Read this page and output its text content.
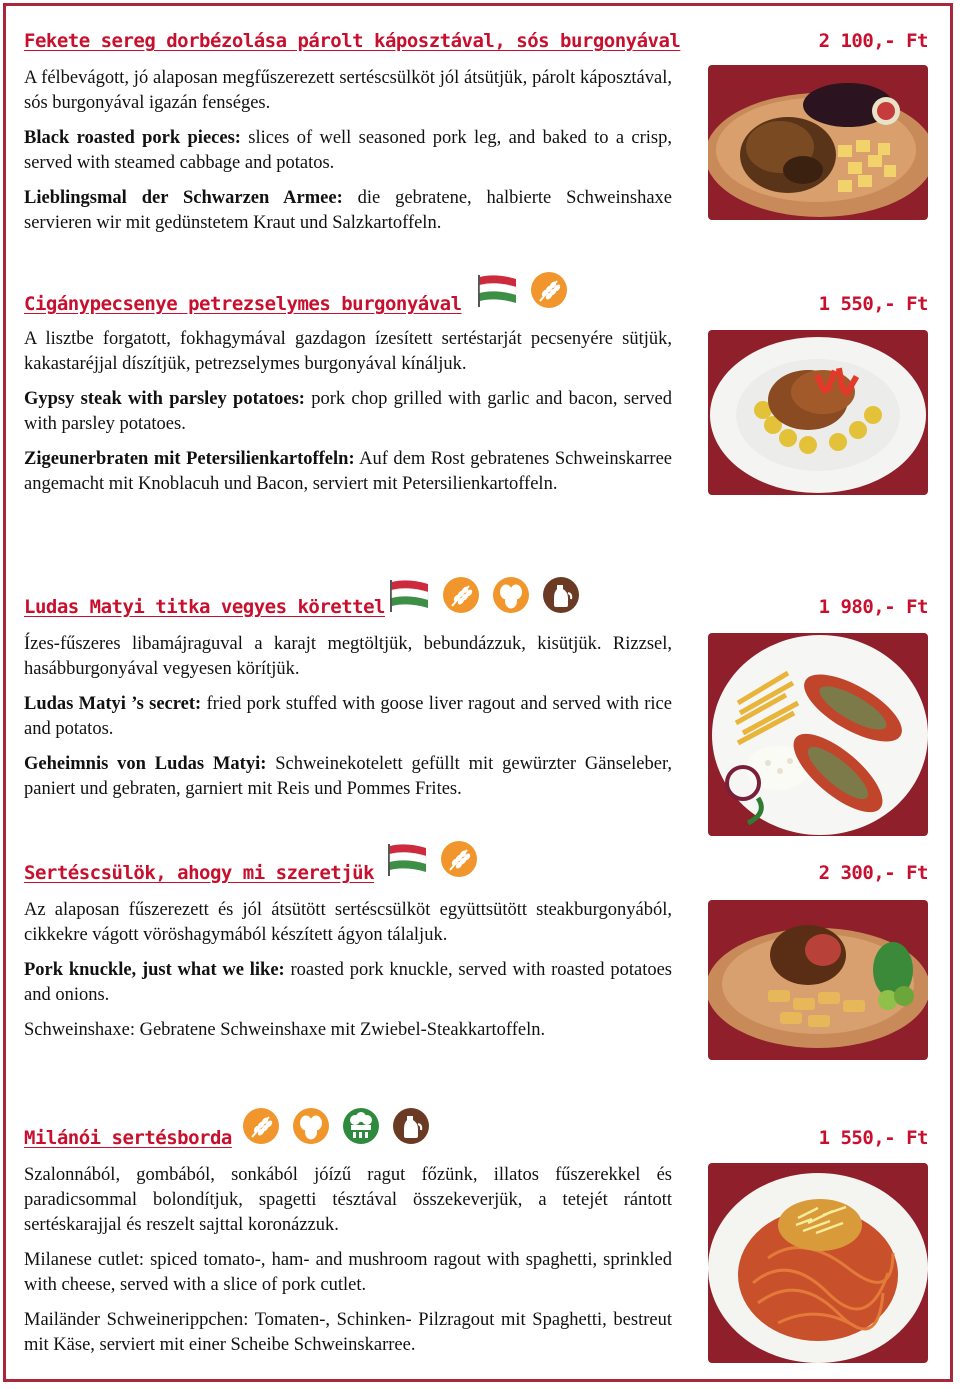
Fekete sereg dorbézolása párolt káposztával, sós burgonyával	2 100,- Ft

A félbevágott, jó alaposan megfűszerezett sertéscsülköt jól átsütjük, párolt káposztával, sós burgonyával igazán fenséges.

Black roasted pork pieces: slices of well seasoned pork leg, and baked to a crisp, served with steamed cabbage and potatos.

Lieblingsmal der Schwarzen Armee: die gebratene, halbierte Schweinshaxe servieren wir mit gedünstetem Kraut und Salzkartoffeln.

Cigánypecsenye petrezselymes burgonyával	1 550,- Ft

A lisztbe forgatott, fokhagymával gazdagon ízesített sertéstarját pecsenyére sütjük, kakastaréjjal díszítjük, petrezselymes burgonyával kínáljuk.

Gypsy steak with parsley potatoes: pork chop grilled with garlic and bacon, served with parsley potatoes.

Zigeunerbraten mit Petersilienkartoffeln: Auf dem Rost gebratenes Schweinskarree angemacht mit Knoblacuh und Bacon, serviert mit Petersilienkartoffeln.

Ludas Matyi titka vegyes körettel	1 980,- Ft

Ízes-fűszeres libamájraguval a karajt megtöltjük, bebundázzuk, kisütjük. Rizzsel, hasábburgonyával vegyesen körítjük.

Ludas Matyi ’s secret: fried pork stuffed with goose liver ragout and served with rice and potatos.

Geheimnis von Ludas Matyi: Schweinekotelett gefüllt mit gewürzter Gänseleber, paniert und gebraten, garniert mit Reis und Pommes Frites.

Sertéscsülök, ahogy mi szeretjük	2 300,- Ft

Az alaposan fűszerezett és jól átsütött sertéscsülköt együttsütött steakburgonyából, cikkekre vágott vöröshagymából készített ágyon tálaljuk.

Pork knuckle, just what we like: roasted pork knuckle, served with roasted potatoes and onions.

Schweinshaxe: Gebratene Schweinshaxe mit Zwiebel-Steakkartoffeln.

Milánói sertésborda	1 550,- Ft

Szalonnából, gombából, sonkából jóízű ragut főzünk, illatos fűszerekkel és paradicsommal bolondítjuk, spagetti tésztával összekeverjük, a tetejét rántott sertéskarajjal és reszelt sajttal koronázzuk.

Milanese cutlet: spiced tomato-, ham- and mushroom ragout with spaghetti, sprinkled with cheese, served with a slice of pork cutlet.

Mailänder Schweinerippchen: Tomaten-, Schinken- Pilzragout mit Spaghetti, bestreut mit Käse, serviert mit einer Scheibe Schweinskarree.
